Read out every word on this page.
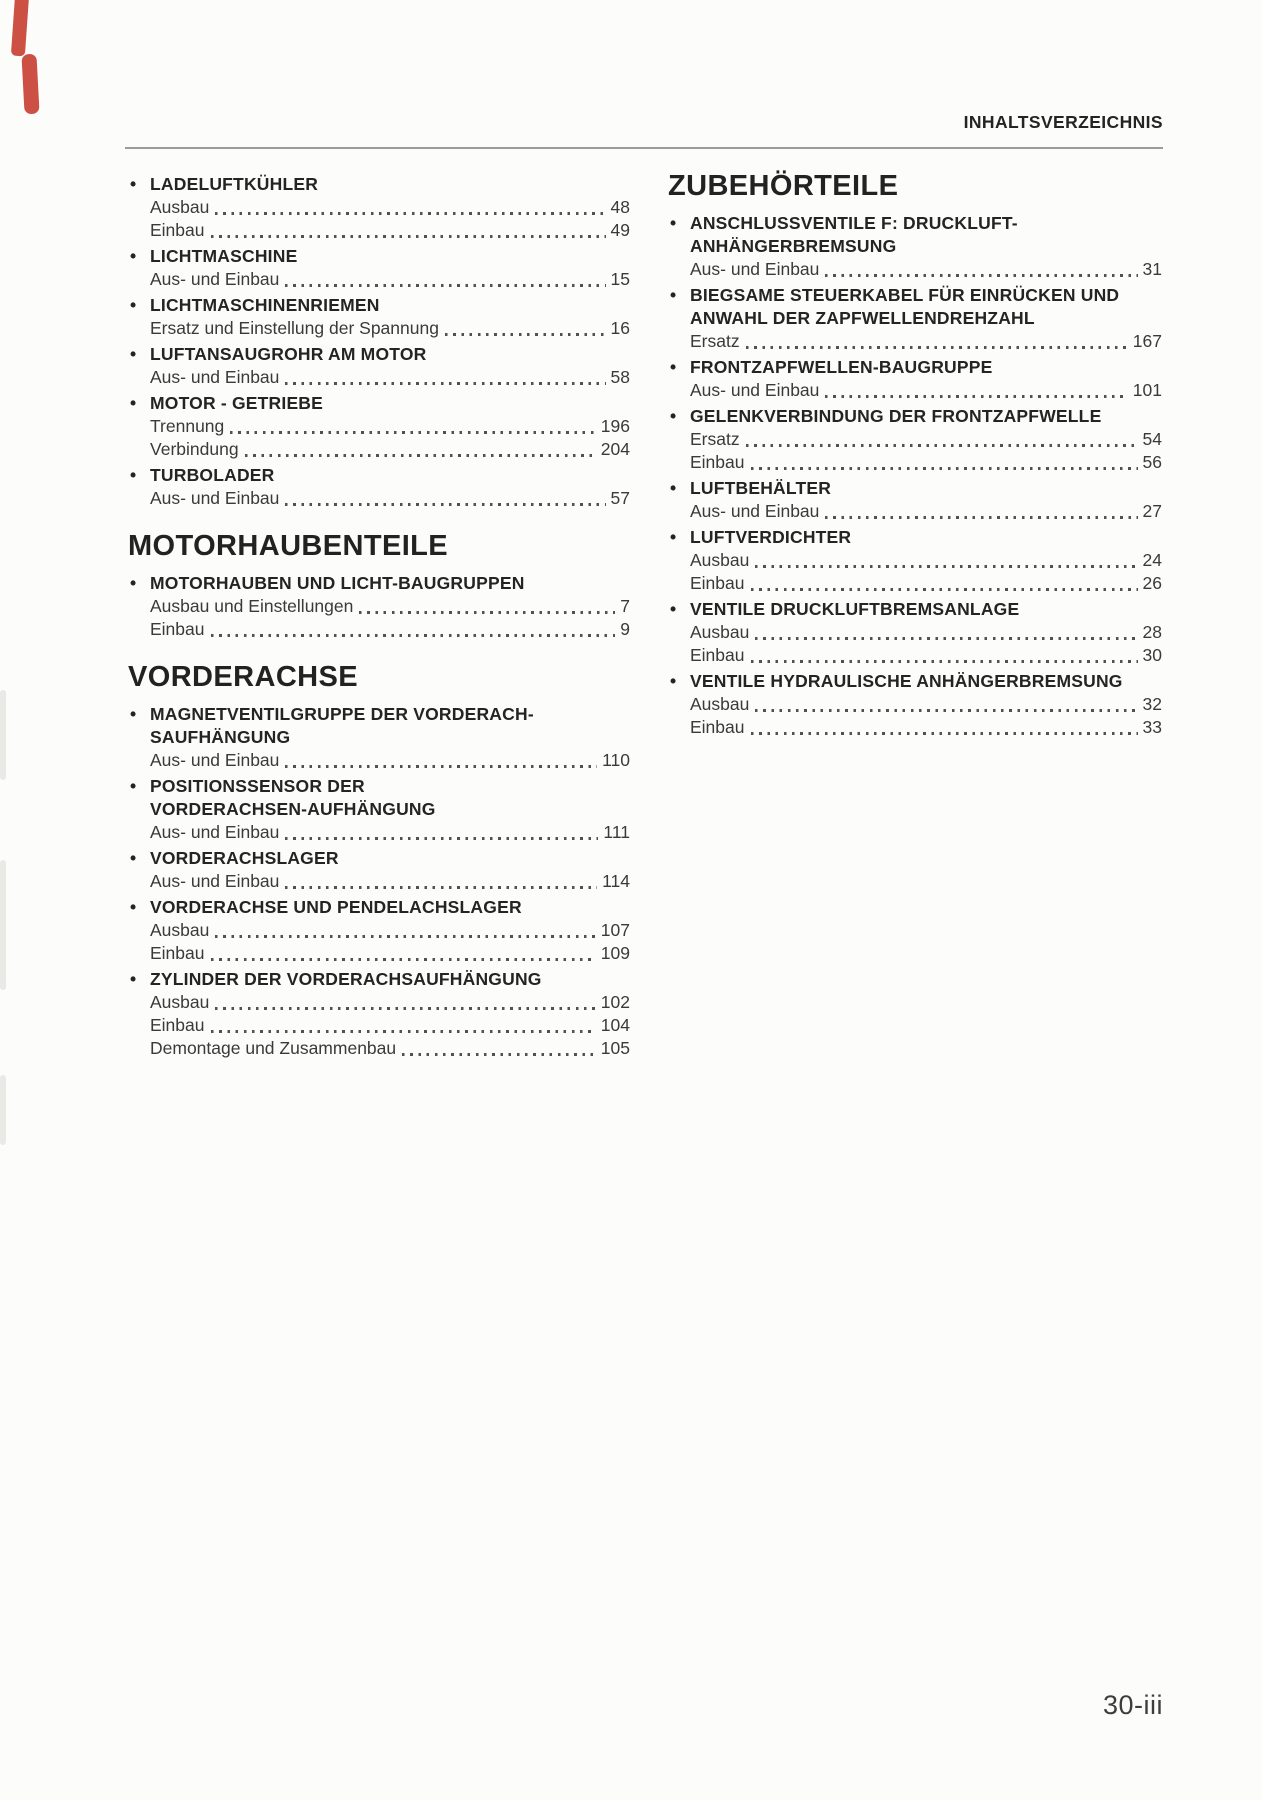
INHALTSVERZEICHNIS
• LADELUFTKÜHLER
Ausbau	48
Einbau	49
• LICHTMASCHINE
Aus- und Einbau	15
• LICHTMASCHINENRIEMEN
Ersatz und Einstellung der Spannung	16
• LUFTANSAUGROHR AM MOTOR
Aus- und Einbau	58
• MOTOR - GETRIEBE
Trennung	196
Verbindung	204
• TURBOLADER
Aus- und Einbau	57
MOTORHAUBENTEILE
• MOTORHAUBEN UND LICHT-BAUGRUPPEN
Ausbau und Einstellungen	7
Einbau	9
VORDERACHSE
• MAGNETVENTILGRUPPE DER VORDERACH-
SAUFHÄNGUNG
Aus- und Einbau	110
• POSITIONSSENSOR DER
VORDERACHSEN-AUFHÄNGUNG
Aus- und Einbau	111
• VORDERACHSLAGER
Aus- und Einbau	114
• VORDERACHSE UND PENDELACHSLAGER
Ausbau	107
Einbau	109
• ZYLINDER DER VORDERACHSAUFHÄNGUNG
Ausbau	102
Einbau	104
Demontage und Zusammenbau	105
ZUBEHÖRTEILE
• ANSCHLUSSVENTILE F: DRUCKLUFT-
ANHÄNGERBREMSUNG
Aus- und Einbau	31
• BIEGSAME STEUERKABEL FÜR EINRÜCKEN UND
ANWAHL DER ZAPFWELLENDREHZAHL
Ersatz	167
• FRONTZAPFWELLEN-BAUGRUPPE
Aus- und Einbau	101
• GELENKVERBINDUNG DER FRONTZAPFWELLE
Ersatz	54
Einbau	56
• LUFTBEHÄLTER
Aus- und Einbau	27
• LUFTVERDICHTER
Ausbau	24
Einbau	26
• VENTILE DRUCKLUFTBREMSANLAGE
Ausbau	28
Einbau	30
• VENTILE HYDRAULISCHE ANHÄNGERBREMSUNG
Ausbau	32
Einbau	33
30-iii
